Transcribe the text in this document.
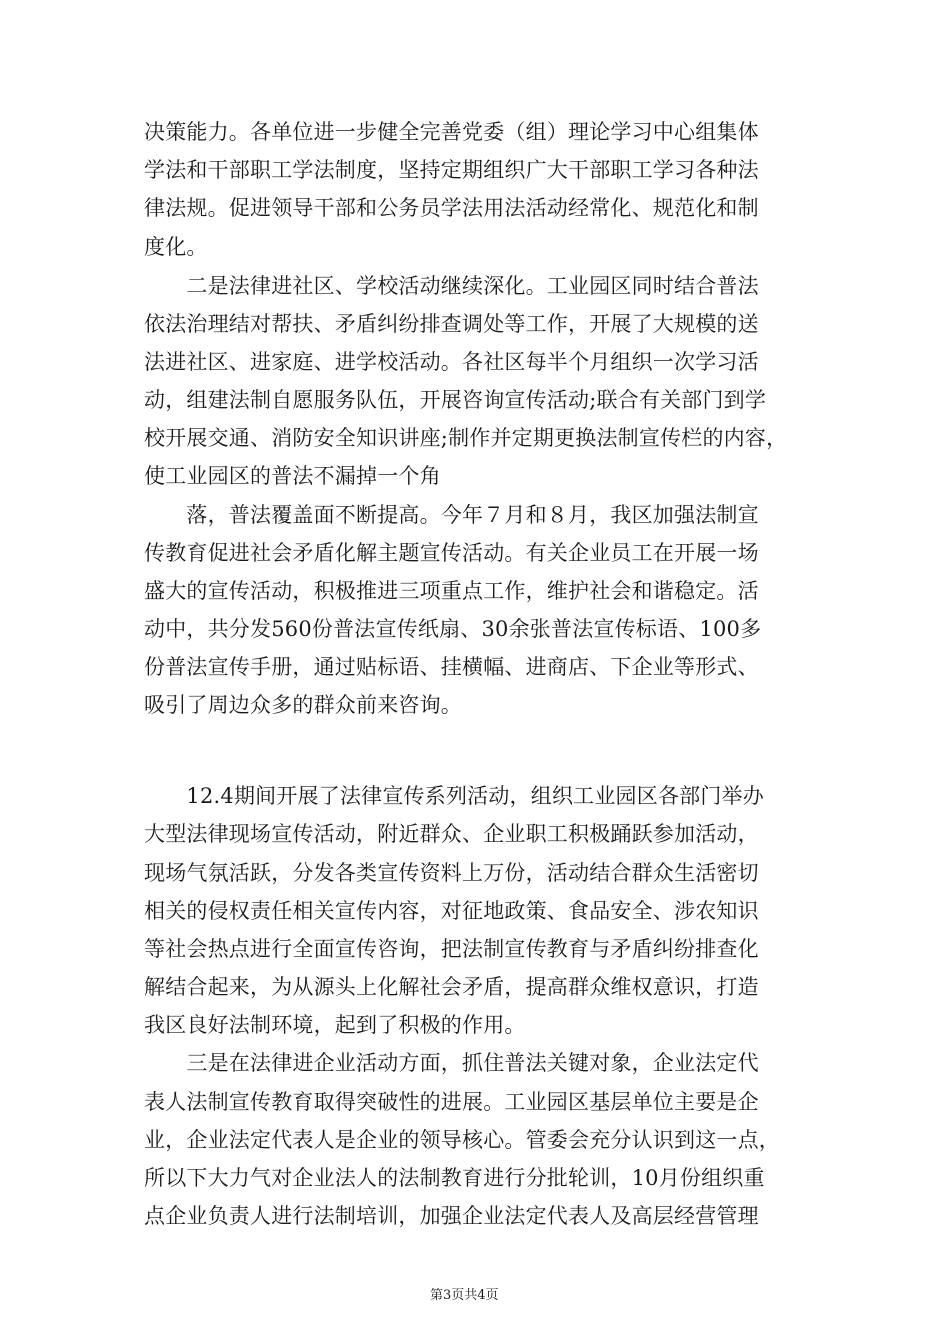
决策能力。各单位进一步健全完善党委（组）理论学习中心组集体
学法和干部职工学法制度，坚持定期组织广大干部职工学习各种法
律法规。促进领导干部和公务员学法用法活动经常化、规范化和制
度化。
　　二是法律进社区、学校活动继续深化。工业园区同时结合普法
依法治理结对帮扶、矛盾纠纷排查调处等工作，开展了大规模的送
法进社区、进家庭、进学校活动。各社区每半个月组织一次学习活
动，组建法制自愿服务队伍，开展咨询宣传活动;联合有关部门到学
校开展交通、消防安全知识讲座;制作并定期更换法制宣传栏的内容，
使工业园区的普法不漏掉一个角
　　落，普法覆盖面不断提高。今年７月和８月，我区加强法制宣
传教育促进社会矛盾化解主题宣传活动。有关企业员工在开展一场
盛大的宣传活动，积极推进三项重点工作，维护社会和谐稳定。活
动中，共分发560份普法宣传纸扇、30余张普法宣传标语、100多
份普法宣传手册，通过贴标语、挂横幅、进商店、下企业等形式、
吸引了周边众多的群众前来咨询。
　　12.4期间开展了法律宣传系列活动，组织工业园区各部门举办
大型法律现场宣传活动，附近群众、企业职工积极踊跃参加活动，
现场气氛活跃，分发各类宣传资料上万份，活动结合群众生活密切
相关的侵权责任相关宣传内容，对征地政策、食品安全、涉农知识
等社会热点进行全面宣传咨询，把法制宣传教育与矛盾纠纷排查化
解结合起来，为从源头上化解社会矛盾，提高群众维权意识，打造
我区良好法制环境，起到了积极的作用。
　　三是在法律进企业活动方面，抓住普法关键对象，企业法定代
表人法制宣传教育取得突破性的进展。工业园区基层单位主要是企
业，企业法定代表人是企业的领导核心。管委会充分认识到这一点，
所以下大力气对企业法人的法制教育进行分批轮训，10月份组织重
点企业负责人进行法制培训，加强企业法定代表人及高层经营管理
第3页共4页
